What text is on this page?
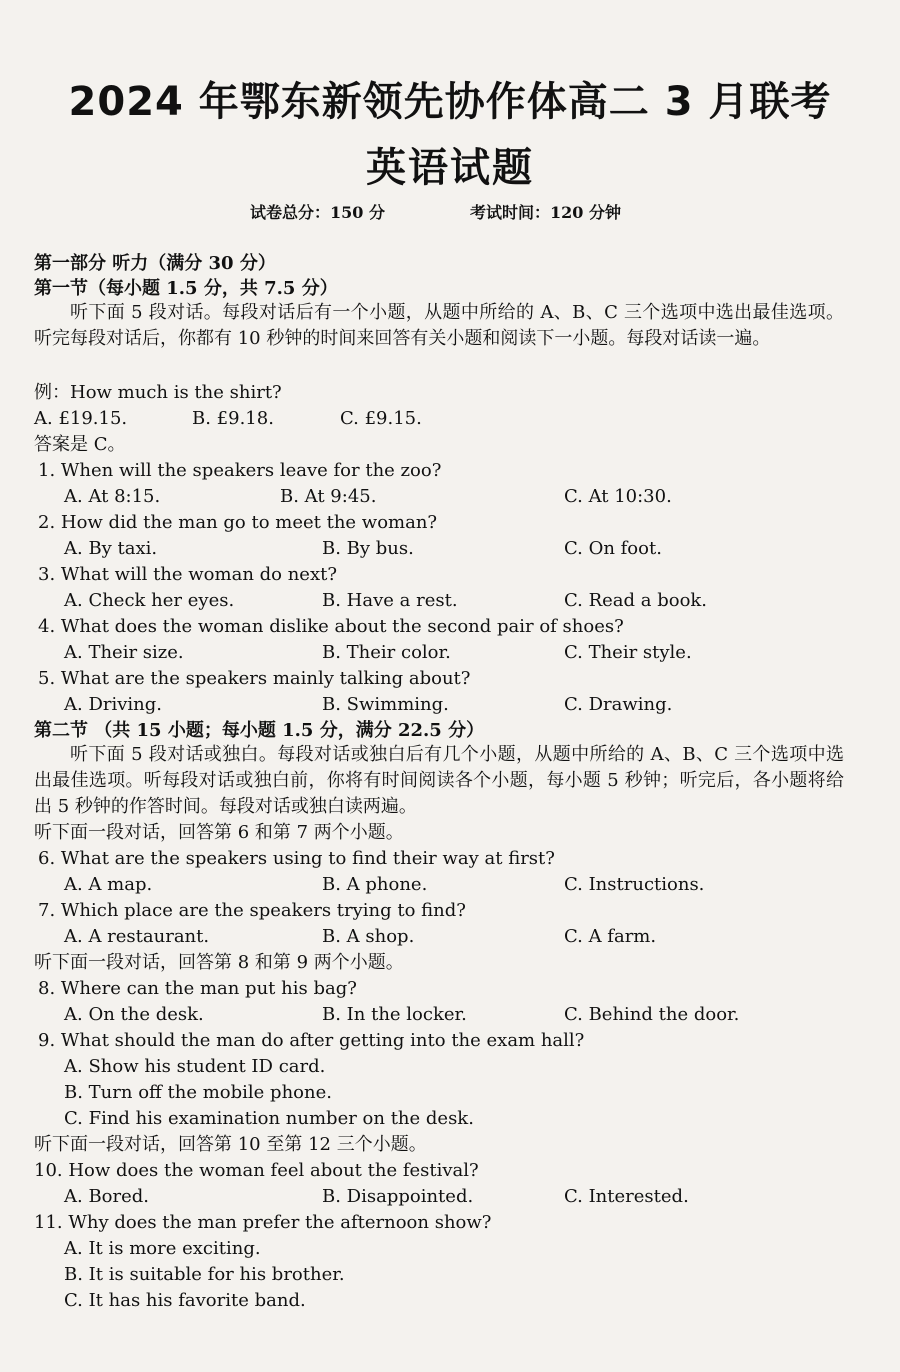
2024 年鄂东新领先协作体高二 3 月联考
英语试题
试卷总分：150 分	考试时间：120 分钟
第一部分 听力（满分 30 分）
第一节（每小题 1.5 分，共 7.5 分）
听下面 5 段对话。每段对话后有一个小题，从题中所给的 A、B、C 三个选项中选出最佳选项。听完每段对话后，你都有 10 秒钟的时间来回答有关小题和阅读下一小题。每段对话读一遍。
例：How much is the shirt?
A. £19.15.	B. £9.18.	C. £9.15.
答案是 C。
1. When will the speakers leave for the zoo?
A. At 8:15.	B. At 9:45.	C. At 10:30.
2. How did the man go to meet the woman?
A. By taxi.	B. By bus.	C. On foot.
3. What will the woman do next?
A. Check her eyes.	B. Have a rest.	C. Read a book.
4. What does the woman dislike about the second pair of shoes?
A. Their size.	B. Their color.	C. Their style.
5. What are the speakers mainly talking about?
A. Driving.	B. Swimming.	C. Drawing.
第二节 （共 15 小题；每小题 1.5 分，满分 22.5 分）
听下面 5 段对话或独白。每段对话或独白后有几个小题，从题中所给的 A、B、C 三个选项中选出最佳选项。听每段对话或独白前，你将有时间阅读各个小题，每小题 5 秒钟；听完后，各小题将给出 5 秒钟的作答时间。每段对话或独白读两遍。
听下面一段对话，回答第 6 和第 7 两个小题。
6. What are the speakers using to find their way at first?
A. A map.	B. A phone.	C. Instructions.
7. Which place are the speakers trying to find?
A. A restaurant.	B. A shop.	C. A farm.
听下面一段对话，回答第 8 和第 9 两个小题。
8. Where can the man put his bag?
A. On the desk.	B. In the locker.	C. Behind the door.
9. What should the man do after getting into the exam hall?
A. Show his student ID card.
B. Turn off the mobile phone.
C. Find his examination number on the desk.
听下面一段对话，回答第 10 至第 12 三个小题。
10. How does the woman feel about the festival?
A. Bored.	B. Disappointed.	C. Interested.
11. Why does the man prefer the afternoon show?
A. It is more exciting.
B. It is suitable for his brother.
C. It has his favorite band.
